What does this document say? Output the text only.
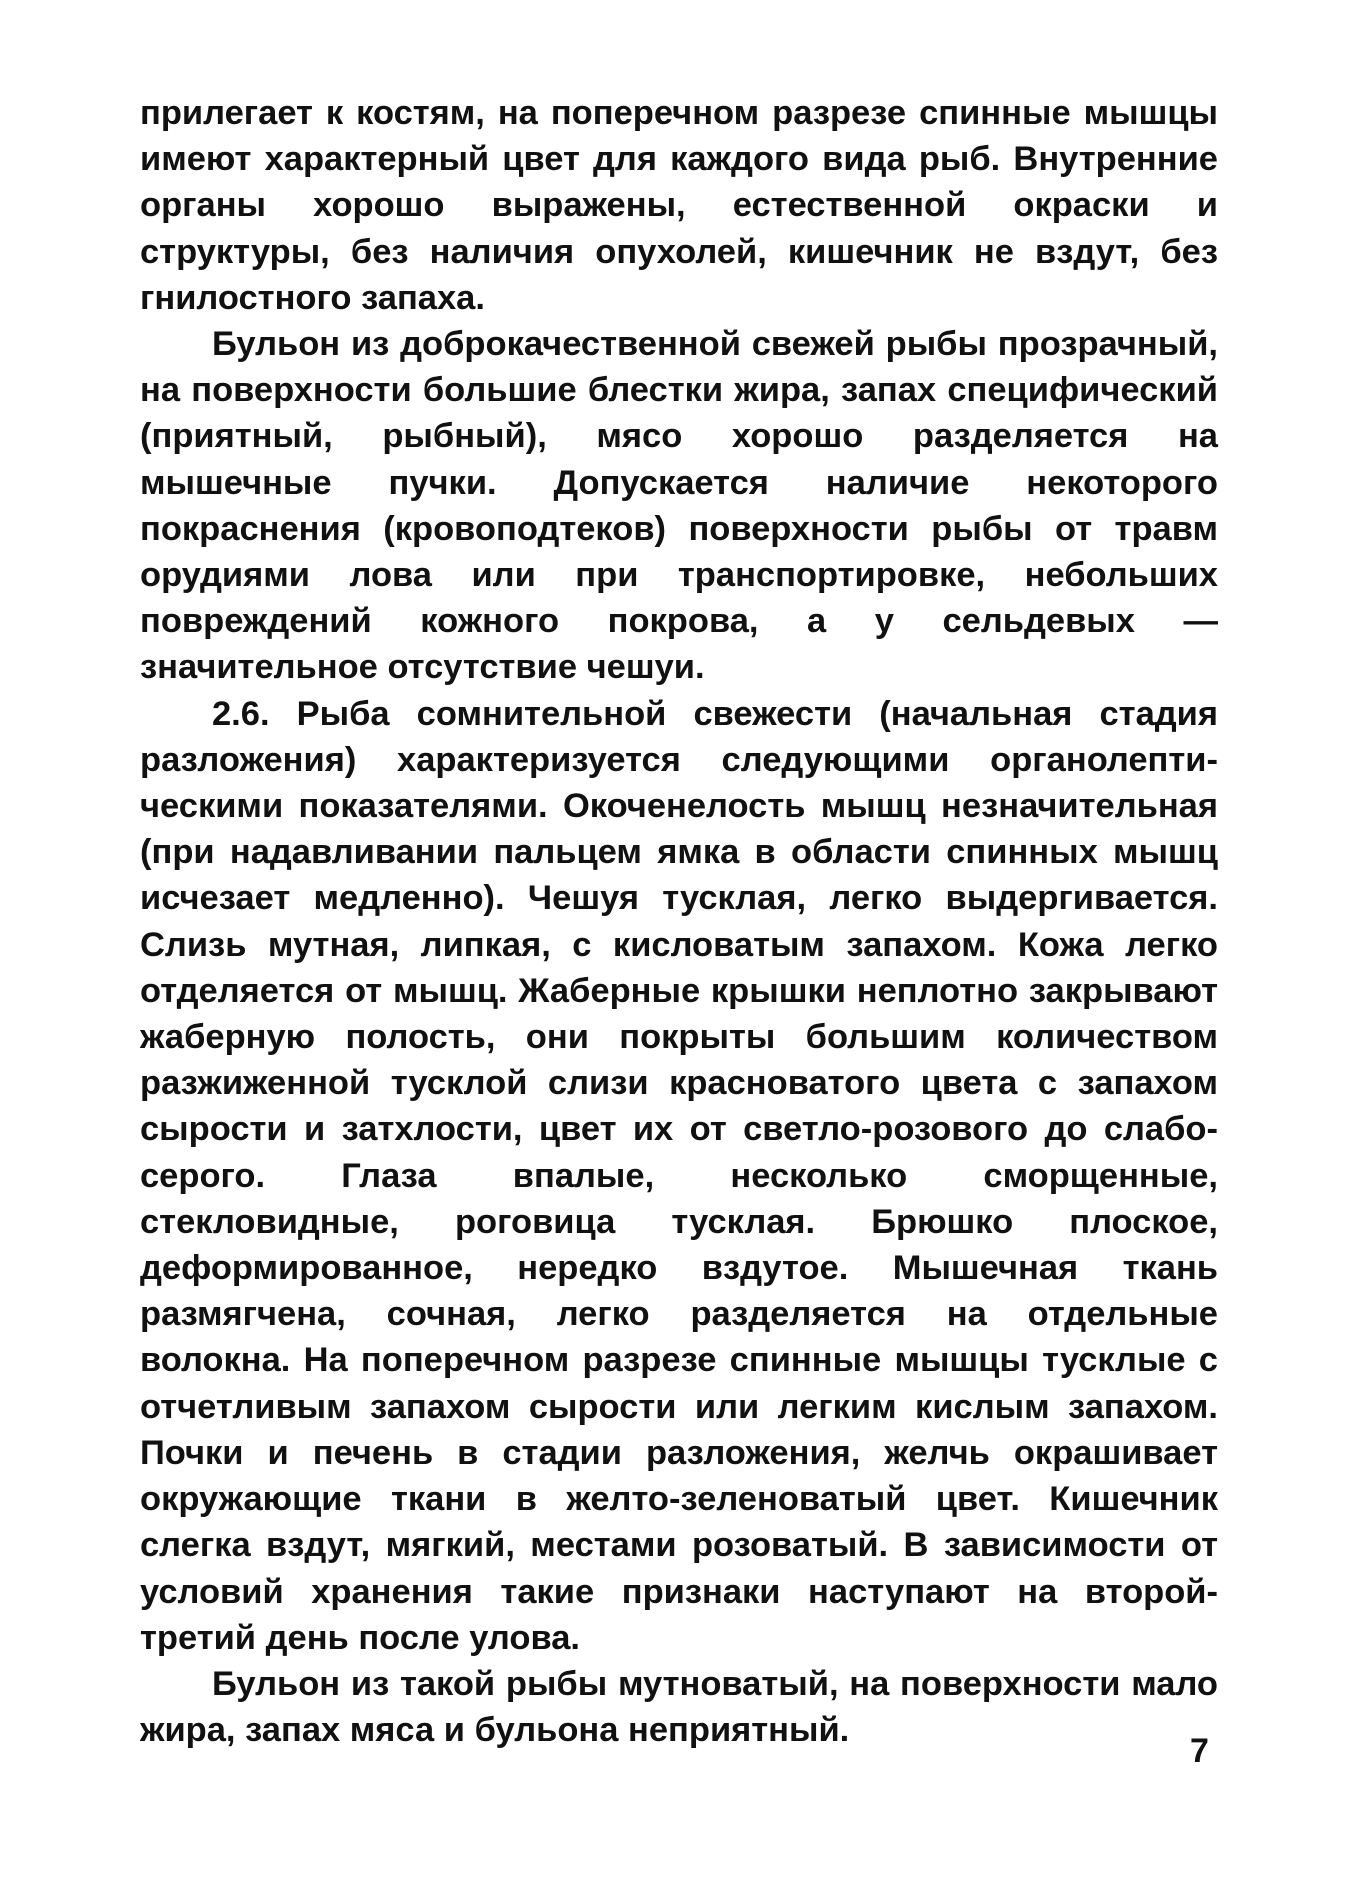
прилегает к костям, на поперечном разрезе спинные мышцы имеют характерный цвет для каждого вида рыб. Внутренние органы хорошо выражены, естественной окраски и структуры, без наличия опухолей, кишечник не вздут, без гнилостного запаха.

Бульон из доброкачественной свежей рыбы прозрачный, на поверхности большие блестки жира, запах специфический (приятный, рыбный), мясо хорошо разделяется на мышечные пучки. Допускается наличие некоторого покраснения (кровоподтеков) поверхности рыбы от травм орудиями лова или при транспортировке, небольших повреждений кожного покрова, а у сельдевых — значительное отсутствие чешуи.

2.6. Рыба сомнительной свежести (начальная стадия разложения) характеризуется следующими органолептическими показателями. Окоченелость мышц незначительная (при надавливании пальцем ямка в области спинных мышц исчезает медленно). Чешуя тусклая, легко выдергивается. Слизь мутная, липкая, с кисловатым запахом. Кожа легко отделяется от мышц. Жаберные крышки неплотно закрывают жаберную полость, они покрыты большим количеством разжиженной тусклой слизи красноватого цвета с запахом сырости и затхлости, цвет их от светло-розового до слабо-серого. Глаза впалые, несколько сморщенные, стекловидные, роговица тусклая. Брюшко плоское, деформированное, нередко вздутое. Мышечная ткань размягчена, сочная, легко разделяется на отдельные волокна. На поперечном разрезе спинные мышцы тусклые с отчетливым запахом сырости или легким кислым запахом. Почки и печень в стадии разложения, желчь окрашивает окружающие ткани в желто-зеленоватый цвет. Кишечник слегка вздут, мягкий, местами розоватый. В зависимости от условий хранения такие признаки наступают на второй-третий день после улова.

Бульон из такой рыбы мутноватый, на поверхности мало жира, запах мяса и бульона неприятный.

7
